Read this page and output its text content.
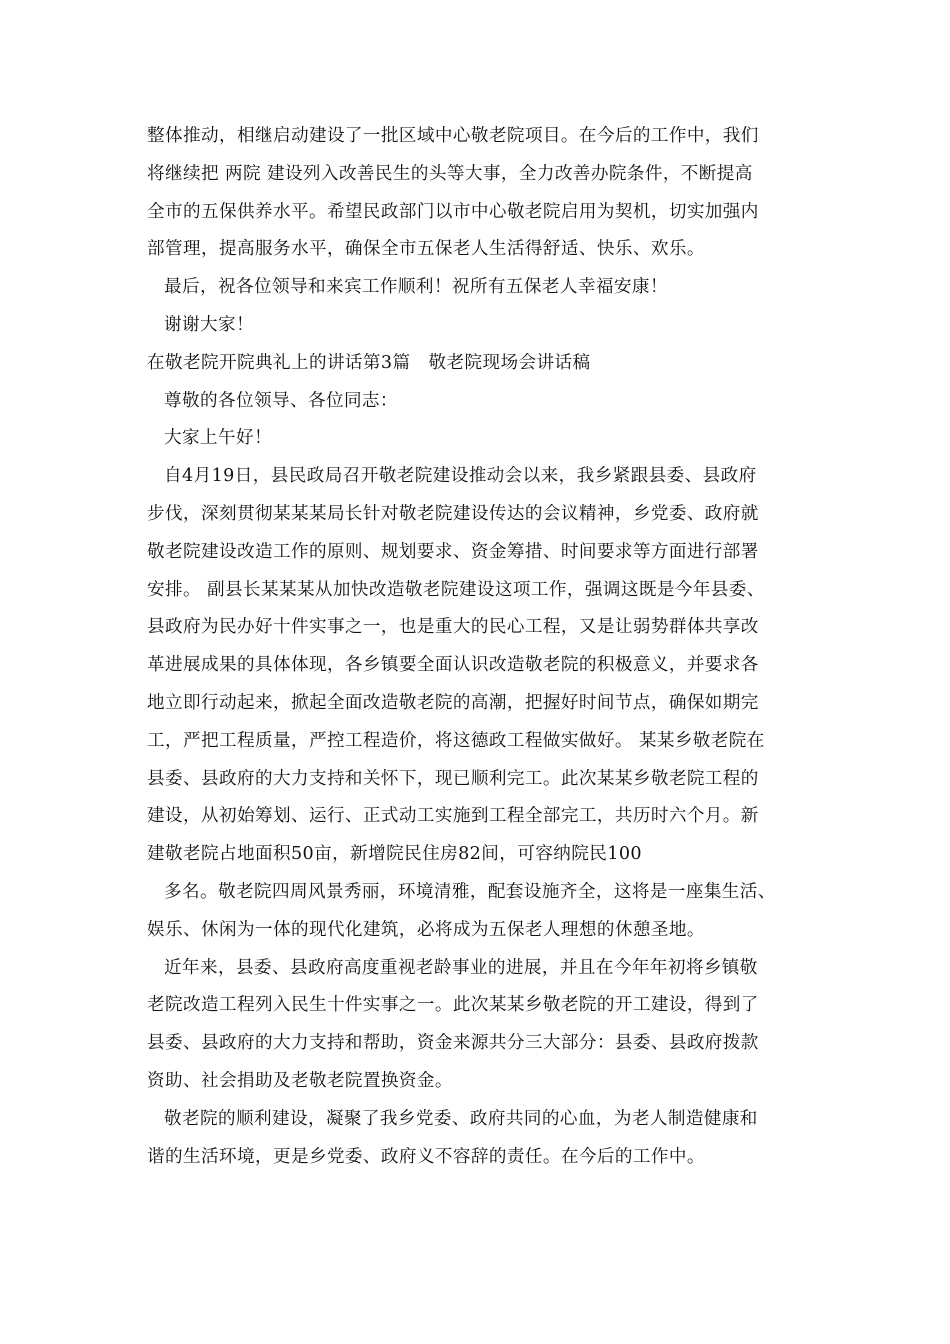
整体推动，相继启动建设了一批区域中心敬老院项目。在今后的工作中，我们
将继续把 两院 建设列入改善民生的头等大事，全力改善办院条件，不断提高
全市的五保供养水平。希望民政部门以市中心敬老院启用为契机，切实加强内
部管理，提高服务水平，确保全市五保老人生活得舒适、快乐、欢乐。
最后，祝各位领导和来宾工作顺利！祝所有五保老人幸福安康！
谢谢大家！
在敬老院开院典礼上的讲话第3篇　敬老院现场会讲话稿
尊敬的各位领导、各位同志：
大家上午好！
自4月19日，县民政局召开敬老院建设推动会以来，我乡紧跟县委、县政府
步伐，深刻贯彻某某某局长针对敬老院建设传达的会议精神，乡党委、政府就
敬老院建设改造工作的原则、规划要求、资金筹措、时间要求等方面进行部署
安排。 副县长某某某从加快改造敬老院建设这项工作，强调这既是今年县委、
县政府为民办好十件实事之一，也是重大的民心工程，又是让弱势群体共享改
革进展成果的具体体现，各乡镇要全面认识改造敬老院的积极意义，并要求各
地立即行动起来，掀起全面改造敬老院的高潮，把握好时间节点，确保如期完
工，严把工程质量，严控工程造价，将这德政工程做实做好。 某某乡敬老院在
县委、县政府的大力支持和关怀下，现已顺利完工。此次某某乡敬老院工程的
建设，从初始筹划、运行、正式动工实施到工程全部完工，共历时六个月。新
建敬老院占地面积50亩，新增院民住房82间，可容纳院民100
多名。敬老院四周风景秀丽，环境清雅，配套设施齐全，这将是一座集生活、
娱乐、休闲为一体的现代化建筑，必将成为五保老人理想的休憩圣地。
近年来，县委、县政府高度重视老龄事业的进展，并且在今年年初将乡镇敬
老院改造工程列入民生十件实事之一。此次某某乡敬老院的开工建设，得到了
县委、县政府的大力支持和帮助，资金来源共分三大部分：县委、县政府拨款
资助、社会捐助及老敬老院置换资金。
敬老院的顺利建设，凝聚了我乡党委、政府共同的心血，为老人制造健康和
谐的生活环境，更是乡党委、政府义不容辞的责任。在今后的工作中。
